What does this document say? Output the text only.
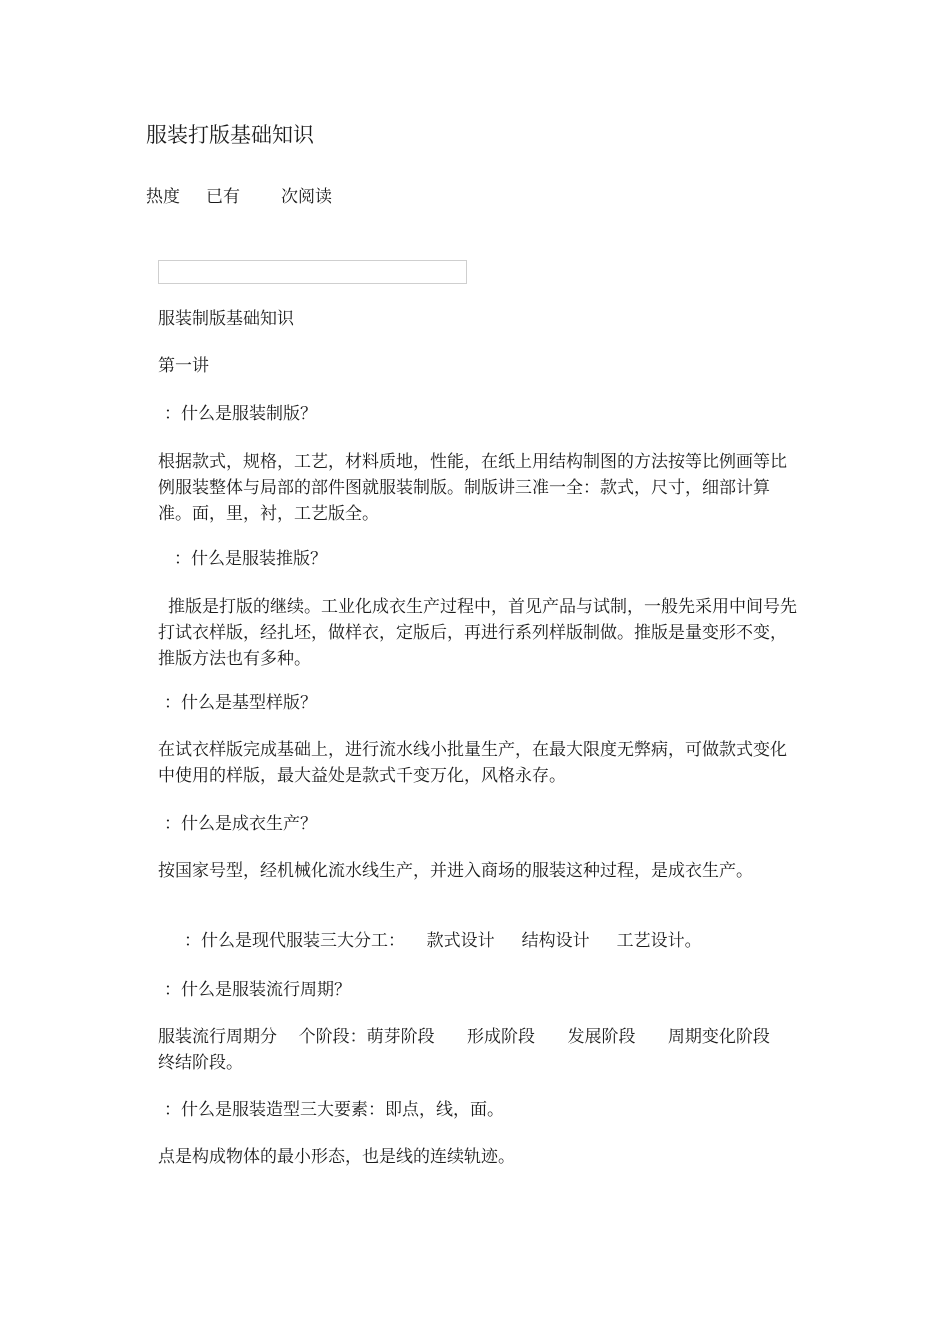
服装打版基础知识
热度 已有 次阅读

服装制版基础知识

第一讲

：什么是服装制版？

根据款式，规格，工艺，材料质地，性能，在纸上用结构制图的方法按等比例画等比例服装整体与局部的部件图就服装制版。制版讲三准一全：款式，尺寸，细部计算准。面，里，衬，工艺版全。

：什么是服装推版？

推版是打版的继续。工业化成衣生产过程中，首见产品与试制，一般先采用中间号先打试衣样版，经扎坯，做样衣，定版后，再进行系列样版制做。推版是量变形不变，推版方法也有多种。

：什么是基型样版？

在试衣样版完成基础上，进行流水线小批量生产，在最大限度无弊病，可做款式变化中使用的样版，最大益处是款式千变万化，风格永存。

：什么是成衣生产？

按国家号型，经机械化流水线生产，并进入商场的服装这种过程，是成衣生产。

：什么是现代服装三大分工：    款式设计     结构设计     工艺设计。

：什么是服装流行周期？

服装流行周期分    个阶段：萌芽阶段      形成阶段      发展阶段      周期变化阶段      终结阶段。

：什么是服装造型三大要素：即点，线，面。

点是构成物体的最小形态，也是线的连续轨迹。
